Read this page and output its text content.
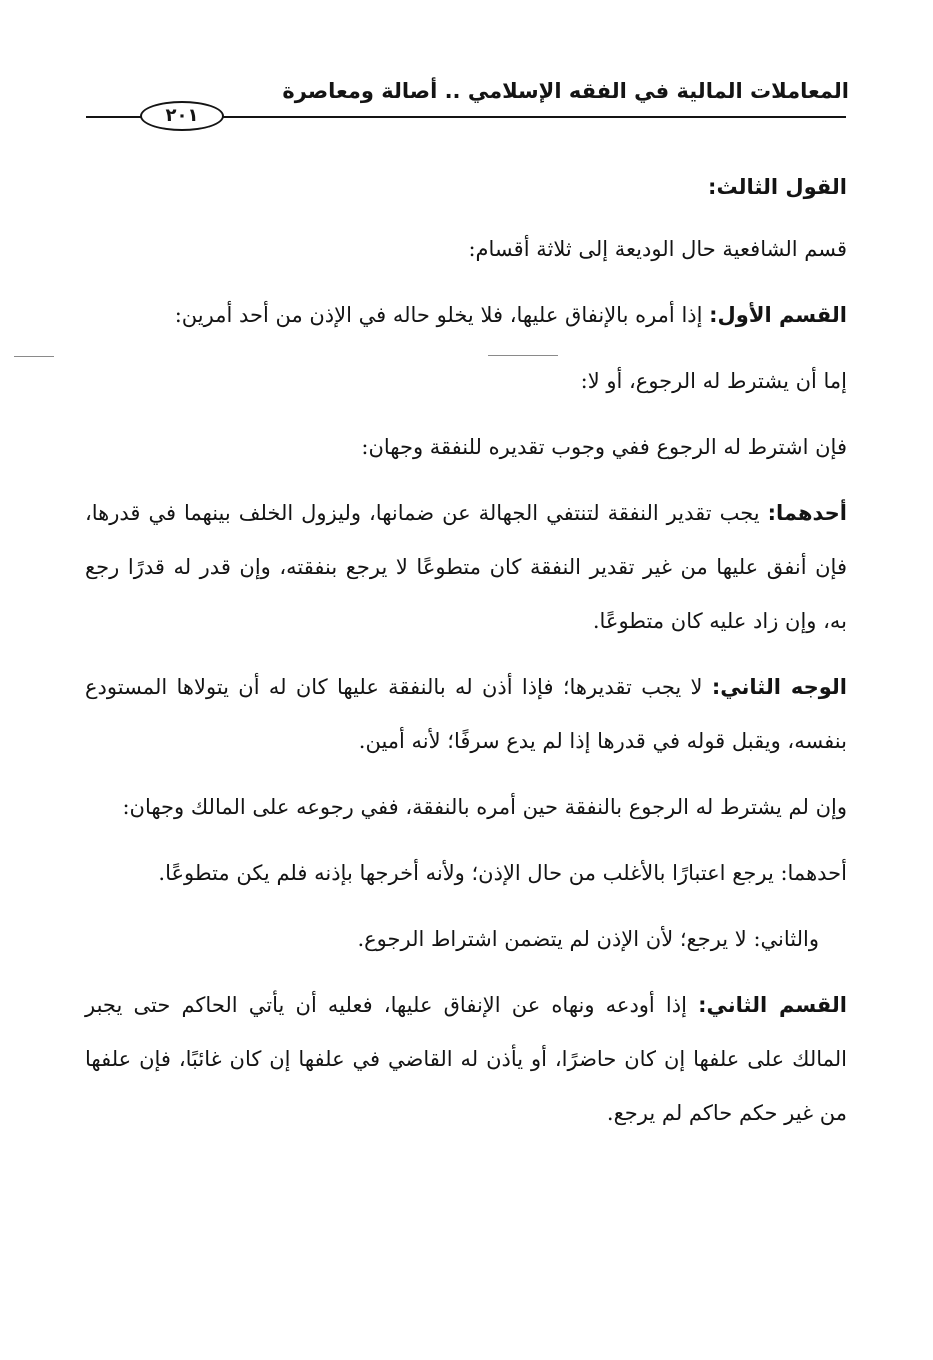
المعاملات المالية في الفقه الإسلامي .. أصالة ومعاصرة
٢٠١

القول الثالث:

قسم الشافعية حال الوديعة إلى ثلاثة أقسام:

القسم الأول: إذا أمره بالإنفاق عليها، فلا يخلو حاله في الإذن من أحد أمرين:

إما أن يشترط له الرجوع، أو لا:

فإن اشترط له الرجوع ففي وجوب تقديره للنفقة وجهان:

أحدهما: يجب تقدير النفقة لتنتفي الجهالة عن ضمانها، وليزول الخلف بينهما في قدرها، فإن أنفق عليها من غير تقدير النفقة كان متطوعًا لا يرجع بنفقته، وإن قدر له قدرًا رجع به، وإن زاد عليه كان متطوعًا.

الوجه الثاني: لا يجب تقديرها؛ فإذا أذن له بالنفقة عليها كان له أن يتولاها المستودع بنفسه، ويقبل قوله في قدرها إذا لم يدع سرفًا؛ لأنه أمين.

وإن لم يشترط له الرجوع بالنفقة حين أمره بالنفقة، ففي رجوعه على المالك وجهان:

أحدهما: يرجع اعتبارًا بالأغلب من حال الإذن؛ ولأنه أخرجها بإذنه فلم يكن متطوعًا.

والثاني: لا يرجع؛ لأن الإذن لم يتضمن اشتراط الرجوع.

القسم الثاني: إذا أودعه ونهاه عن الإنفاق عليها، فعليه أن يأتي الحاكم حتى يجبر المالك على علفها إن كان حاضرًا، أو يأذن له القاضي في علفها إن كان غائبًا، فإن علفها من غير حكم حاكم لم يرجع.
